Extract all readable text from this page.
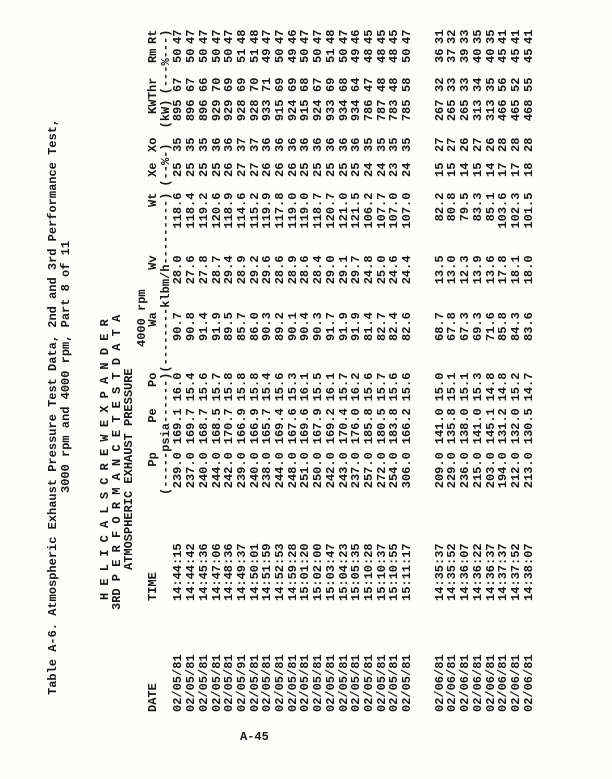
Table A-6. Atmospheric Exhaust Pressure Test Data, 2nd and 3rd Performance Test, 3000 rpm and 4000 rpm, Part 8 of 11 H E L I C A L S C R E W E X P A N D E R
3RD P E R F O R M A N C E T E S T D A T A
ATMOSPHERIC EXHAUST PRESSURE
4000 rpm
DATE	TIME	Pp	Pe	Po	Wa	Wv	Wt	Xe	Xo	KW	Thr	Rm	Rt
		(-----psia------)			(--------klbm/h---------)			(--%-)		(kW)	(---%---)		
02/05/81	14:44:15	239.0	169.1	16.0	90.7	28.0	118.6	25	35	895	67	50	47
02/05/81	14:44:42	237.0	169.7	15.4	90.8	27.6	118.4	25	35	896	67	50	47
02/05/81	14:45:36	240.0	168.7	15.6	91.4	27.8	119.2	25	35	896	66	50	47
02/05/81	14:47:06	244.0	168.5	15.7	91.9	28.7	120.6	25	36	929	70	50	47
02/05/81	14:48:36	242.0	170.7	15.8	89.5	29.4	118.9	26	36	929	69	50	47
02/05/91	14:49:37	239.0	166.9	15.8	85.7	28.9	114.6	27	37	928	69	51	48
02/05/81	14:50:01	240.0	166.9	15.8	86.0	29.2	115.2	27	37	928	70	51	48
02/05/81	14:51:59	238.0	165.7	15.4	90.3	29.6	119.9	26	36	933	71	49	47
02/05/81	14:52:53	244.0	169.4	15.6	89.2	28.6	117.8	26	36	915	69	50	47
02/05/81	14:59:28	248.0	167.6	15.3	90.1	28.9	119.0	26	36	924	69	49	46
02/05/81	15:01:20	251.0	169.6	16.1	90.4	28.6	119.0	25	36	915	68	50	47
02/05/81	15:02:00	250.0	167.9	15.5	90.3	28.4	118.7	25	36	924	67	50	47
02/05/81	15:03:47	242.0	169.2	16.1	91.7	29.0	120.7	25	36	933	69	51	48
02/05/81	15:04:23	243.0	170.4	15.7	91.9	29.1	121.0	25	36	934	68	50	47
02/05/81	15:05:35	237.0	176.0	16.2	91.9	29.7	121.5	25	36	934	64	49	46
02/05/81	15:10:28	257.0	185.8	15.6	81.4	24.8	106.2	24	35	786	47	48	45
02/05/81	15:10:37	272.0	180.5	15.7	82.7	25.0	107.7	24	35	787	48	48	45
02/05/81	15:10:55	254.0	183.8	15.6	82.4	24.6	107.0	23	35	783	48	48	45
02/05/81	15:11:17	306.0	166.2	15.6	82.6	24.4	107.0	24	35	785	58	50	47

02/06/81	14:35:37	209.0	141.0	15.0	68.7	13.5	82.2	15	27	267	32	36	31
02/06/81	14:35:52	229.0	135.8	15.1	67.8	13.0	80.8	15	27	265	33	37	32
02/06/81	14:36:07	236.0	138.0	15.1	67.3	12.3	79.5	14	26	265	33	39	33
02/06/81	14:36:22	215.0	141.0	15.3	69.3	13.9	83.3	15	27	313	34	40	35
02/06/81	14:36:37	203.0	145.1	14.8	71.6	13.6	85.1	14	26	313	35	40	35
02/06/81	14:37:37	194.0	131.2	14.8	85.8	17.8	103.6	17	28	466	56	45	41
02/06/81	14:37:52	212.0	132.0	15.2	84.3	18.1	102.3	17	28	465	52	45	41
02/06/81	14:38:07	213.0	130.5	14.7	83.6	18.0	101.5	18	28	468	55	45	41
A-45
